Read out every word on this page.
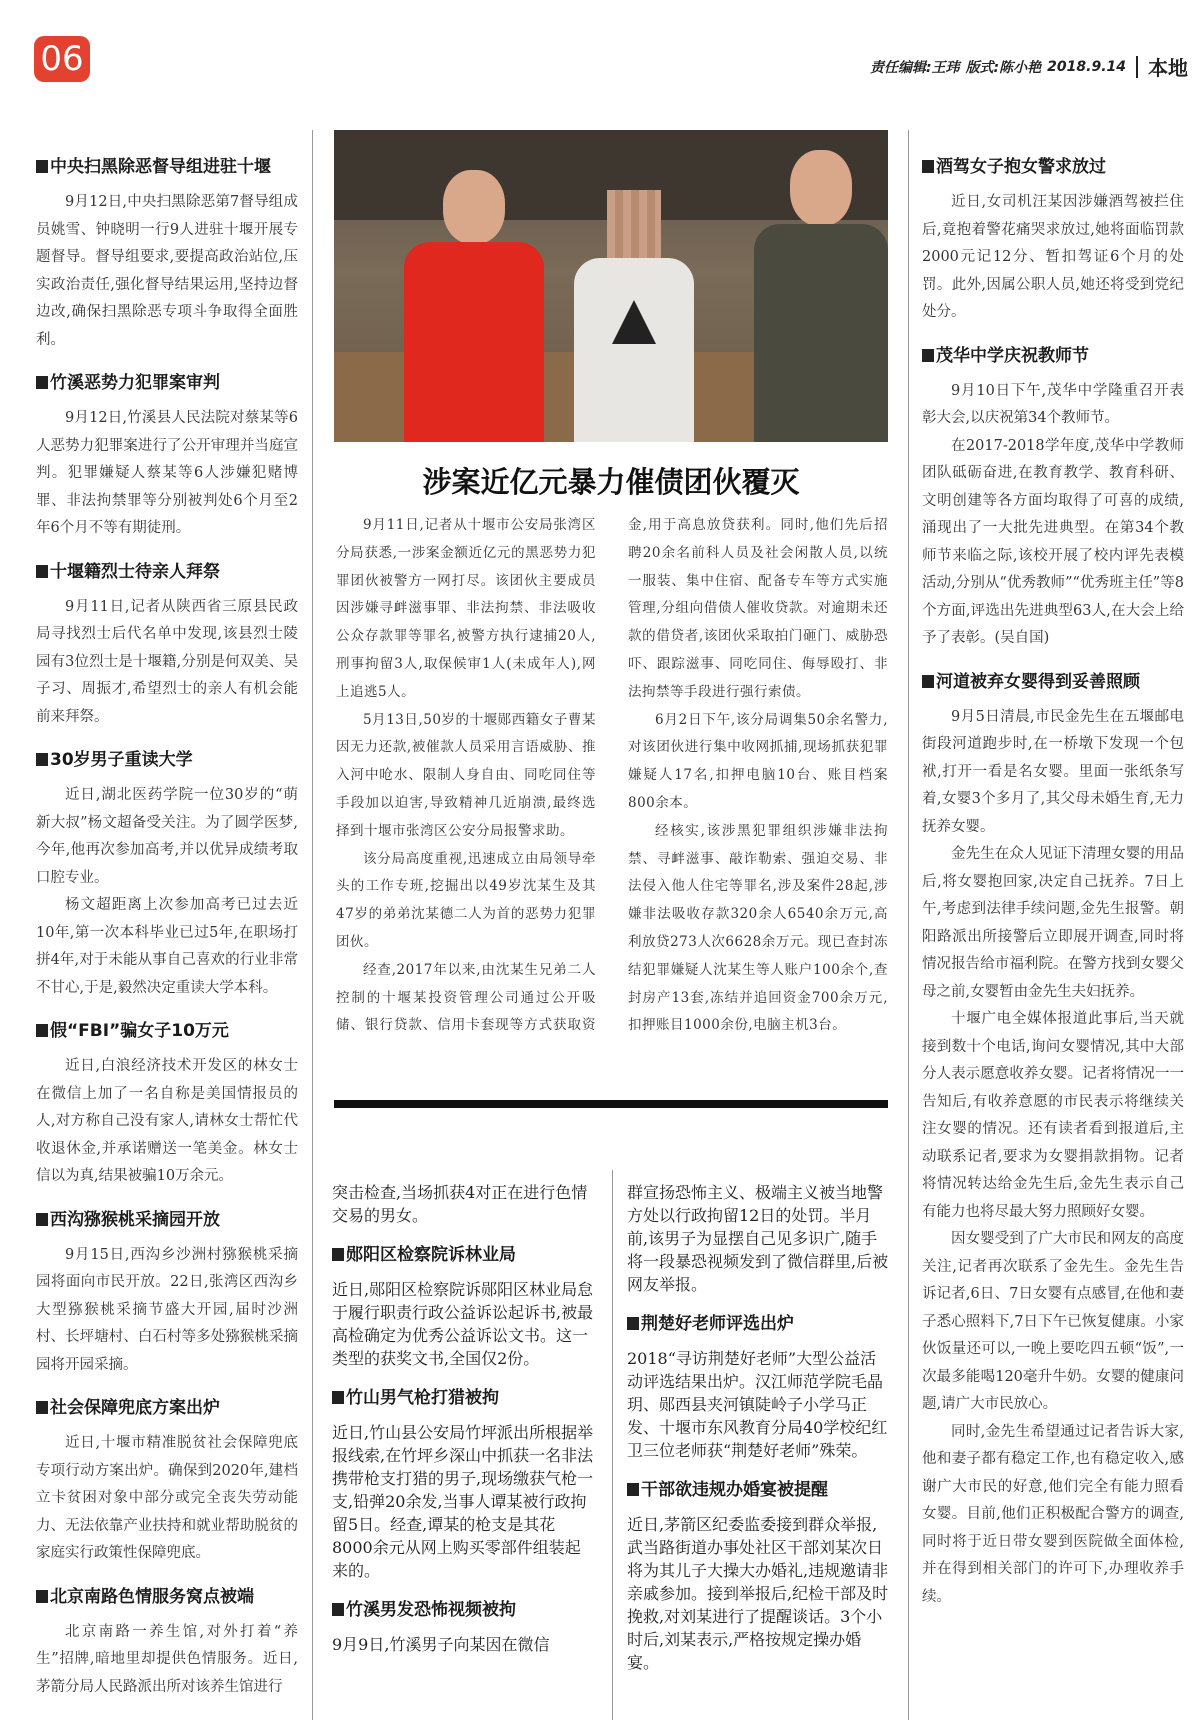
06	责任编辑:王玮 版式:陈小艳 2018.9.14 本地
中央扫黑除恶督导组进驻十堰

9月12日,中央扫黑除恶第7督导组成员姚雪、钟晓明一行9人进驻十堰开展专题督导。督导组要求,要提高政治站位,压实政治责任,强化督导结果运用,坚持边督边改,确保扫黑除恶专项斗争取得全面胜利。

竹溪恶势力犯罪案审判

9月12日,竹溪县人民法院对蔡某等6人恶势力犯罪案进行了公开审理并当庭宣判。犯罪嫌疑人蔡某等6人涉嫌犯赌博罪、非法拘禁罪等分别被判处6个月至2年6个月不等有期徒刑。

十堰籍烈士待亲人拜祭

9月11日,记者从陕西省三原县民政局寻找烈士后代名单中发现,该县烈士陵园有3位烈士是十堰籍,分别是何双美、吴子习、周振才,希望烈士的亲人有机会能前来拜祭。

30岁男子重读大学

近日,湖北医药学院一位30岁的“萌新大叔”杨文超备受关注。为了圆学医梦,今年,他再次参加高考,并以优异成绩考取口腔专业。

杨文超距离上次参加高考已过去近10年,第一次本科毕业已过5年,在职场打拼4年,对于未能从事自己喜欢的行业非常不甘心,于是,毅然决定重读大学本科。

假“FBI”骗女子10万元

近日,白浪经济技术开发区的林女士在微信上加了一名自称是美国情报员的人,对方称自己没有家人,请林女士帮忙代收退休金,并承诺赠送一笔美金。林女士信以为真,结果被骗10万余元。

西沟猕猴桃采摘园开放

9月15日,西沟乡沙洲村猕猴桃采摘园将面向市民开放。22日,张湾区西沟乡大型猕猴桃采摘节盛大开园,届时沙洲村、长坪塘村、白石村等多处猕猴桃采摘园将开园采摘。

社会保障兜底方案出炉

近日,十堰市精准脱贫社会保障兜底专项行动方案出炉。确保到2020年,建档立卡贫困对象中部分或完全丧失劳动能力、无法依靠产业扶持和就业帮助脱贫的家庭实行政策性保障兜底。

北京南路色情服务窝点被端

北京南路一养生馆,对外打着“养生”招牌,暗地里却提供色情服务。近日,茅箭分局人民路派出所对该养生馆进行

涉案近亿元暴力催债团伙覆灭

9月11日,记者从十堰市公安局张湾区分局获悉,一涉案金额近亿元的黑恶势力犯罪团伙被警方一网打尽。该团伙主要成员因涉嫌寻衅滋事罪、非法拘禁、非法吸收公众存款罪等罪名,被警方执行逮捕20人,刑事拘留3人,取保候审1人(未成年人),网上追逃5人。

5月13日,50岁的十堰郧西籍女子曹某因无力还款,被催款人员采用言语威胁、推入河中呛水、限制人身自由、同吃同住等手段加以迫害,导致精神几近崩溃,最终选择到十堰市张湾区公安分局报警求助。

该分局高度重视,迅速成立由局领导牵头的工作专班,挖掘出以49岁沈某生及其47岁的弟弟沈某德二人为首的恶势力犯罪团伙。

经查,2017年以来,由沈某生兄弟二人控制的十堰某投资管理公司通过公开吸储、银行贷款、信用卡套现等方式获取资金,用于高息放贷获利。同时,他们先后招聘20余名前科人员及社会闲散人员,以统一服装、集中住宿、配备专车等方式实施管理,分组向借债人催收贷款。对逾期未还款的借贷者,该团伙采取拍门砸门、威胁恐吓、跟踪滋事、同吃同住、侮辱殴打、非法拘禁等手段进行强行索债。

6月2日下午,该分局调集50余名警力,对该团伙进行集中收网抓捕,现场抓获犯罪嫌疑人17名,扣押电脑10台、账目档案800余本。

经核实,该涉黑犯罪组织涉嫌非法拘禁、寻衅滋事、敲诈勒索、强迫交易、非法侵入他人住宅等罪名,涉及案件28起,涉嫌非法吸收存款320余人6540余万元,高利放贷273人次6628余万元。现已查封冻结犯罪嫌疑人沈某生等人账户100余个,查封房产13套,冻结并追回资金700余万元,扣押账目1000余份,电脑主机3台。

突击检查,当场抓获4对正在进行色情交易的男女。

郧阳区检察院诉林业局

近日,郧阳区检察院诉郧阳区林业局怠于履行职责行政公益诉讼起诉书,被最高检确定为优秀公益诉讼文书。这一类型的获奖文书,全国仅2份。

竹山男气枪打猎被拘

近日,竹山县公安局竹坪派出所根据举报线索,在竹坪乡深山中抓获一名非法携带枪支打猎的男子,现场缴获气枪一支,铅弹20余发,当事人谭某被行政拘留5日。经查,谭某的枪支是其花8000余元从网上购买零部件组装起来的。

竹溪男发恐怖视频被拘

9月9日,竹溪男子向某因在微信

群宣扬恐怖主义、极端主义被当地警方处以行政拘留12日的处罚。半月前,该男子为显摆自己见多识广,随手将一段暴恐视频发到了微信群里,后被网友举报。

荆楚好老师评选出炉

2018“寻访荆楚好老师”大型公益活动评选结果出炉。汉江师范学院毛晶玥、郧西县夹河镇陡岭子小学马正发、十堰市东风教育分局40学校纪红卫三位老师获“荆楚好老师”殊荣。

干部欲违规办婚宴被提醒

近日,茅箭区纪委监委接到群众举报,武当路街道办事处社区干部刘某次日将为其儿子大操大办婚礼,违规邀请非亲戚参加。接到举报后,纪检干部及时挽救,对刘某进行了提醒谈话。3个小时后,刘某表示,严格按规定操办婚宴。

酒驾女子抱女警求放过

近日,女司机汪某因涉嫌酒驾被拦住后,竟抱着警花痛哭求放过,她将面临罚款2000元记12分、暂扣驾证6个月的处罚。此外,因属公职人员,她还将受到党纪处分。

茂华中学庆祝教师节

9月10日下午,茂华中学隆重召开表彰大会,以庆祝第34个教师节。

在2017-2018学年度,茂华中学教师团队砥砺奋进,在教育教学、教育科研、文明创建等各方面均取得了可喜的成绩,涌现出了一大批先进典型。在第34个教师节来临之际,该校开展了校内评先表模活动,分别从“优秀教师”“优秀班主任”等8个方面,评选出先进典型63人,在大会上给予了表彰。(吴自国)

河道被弃女婴得到妥善照顾

9月5日清晨,市民金先生在五堰邮电街段河道跑步时,在一桥墩下发现一个包袱,打开一看是名女婴。里面一张纸条写着,女婴3个多月了,其父母未婚生育,无力抚养女婴。

金先生在众人见证下清理女婴的用品后,将女婴抱回家,决定自己抚养。7日上午,考虑到法律手续问题,金先生报警。朝阳路派出所接警后立即展开调查,同时将情况报告给市福利院。在警方找到女婴父母之前,女婴暂由金先生夫妇抚养。

十堰广电全媒体报道此事后,当天就接到数十个电话,询问女婴情况,其中大部分人表示愿意收养女婴。记者将情况一一告知后,有收养意愿的市民表示将继续关注女婴的情况。还有读者看到报道后,主动联系记者,要求为女婴捐款捐物。记者将情况转达给金先生后,金先生表示自己有能力也将尽最大努力照顾好女婴。

因女婴受到了广大市民和网友的高度关注,记者再次联系了金先生。金先生告诉记者,6日、7日女婴有点感冒,在他和妻子悉心照料下,7日下午已恢复健康。小家伙饭量还可以,一晚上要吃四五顿“饭”,一次最多能喝120毫升牛奶。女婴的健康问题,请广大市民放心。

同时,金先生希望通过记者告诉大家,他和妻子都有稳定工作,也有稳定收入,感谢广大市民的好意,他们完全有能力照看女婴。目前,他们正积极配合警方的调查,同时将于近日带女婴到医院做全面体检,并在得到相关部门的许可下,办理收养手续。
